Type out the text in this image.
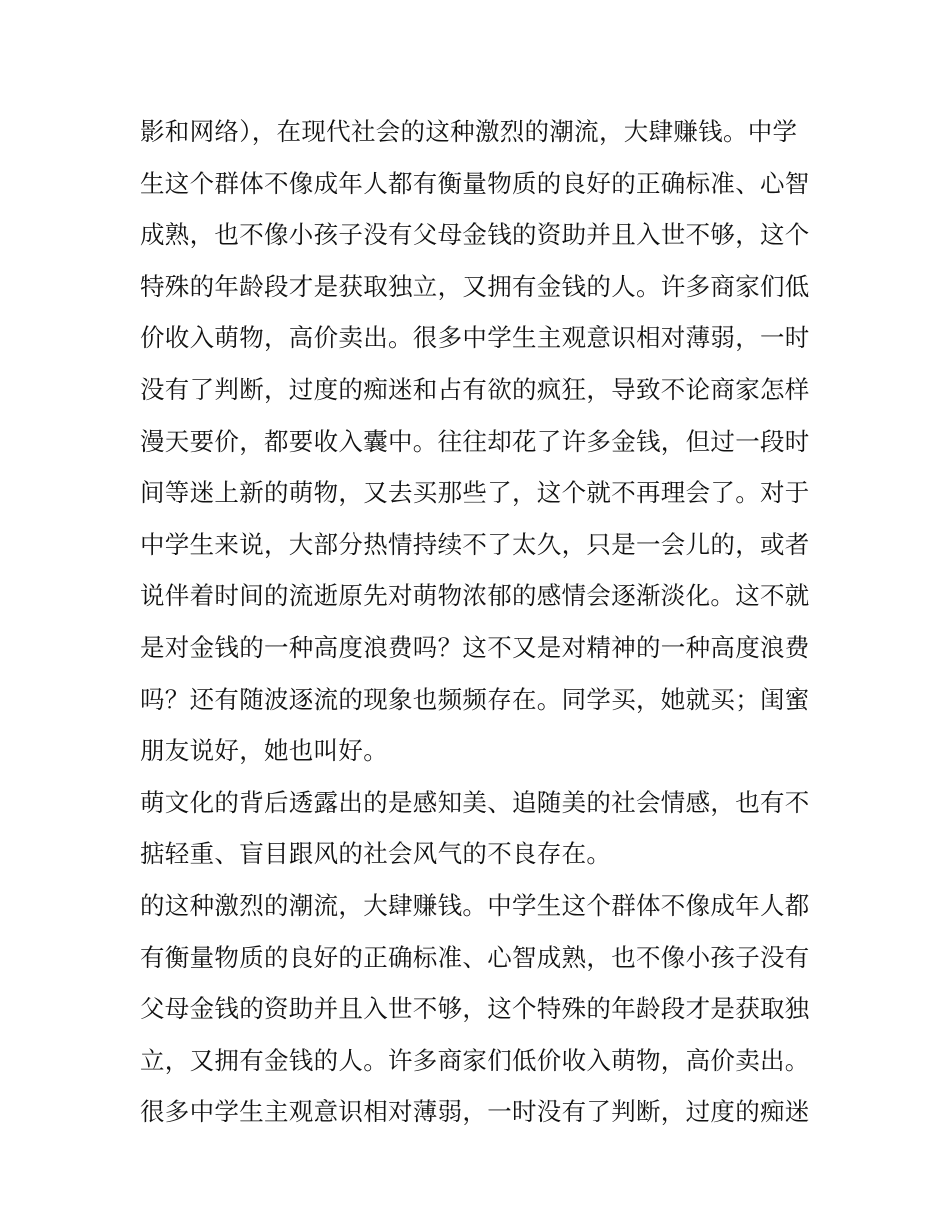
影和网络），在现代社会的这种激烈的潮流，大肆赚钱。中学
生这个群体不像成年人都有衡量物质的良好的正确标准、心智
成熟，也不像小孩子没有父母金钱的资助并且入世不够，这个
特殊的年龄段才是获取独立，又拥有金钱的人。许多商家们低
价收入萌物，高价卖出。很多中学生主观意识相对薄弱，一时
没有了判断，过度的痴迷和占有欲的疯狂，导致不论商家怎样
漫天要价，都要收入囊中。往往却花了许多金钱，但过一段时
间等迷上新的萌物，又去买那些了，这个就不再理会了。对于
中学生来说，大部分热情持续不了太久，只是一会儿的，或者
说伴着时间的流逝原先对萌物浓郁的感情会逐渐淡化。这不就
是对金钱的一种高度浪费吗？这不又是对精神的一种高度浪费
吗？还有随波逐流的现象也频频存在。同学买，她就买；闺蜜
朋友说好，她也叫好。
萌文化的背后透露出的是感知美、追随美的社会情感，也有不
掂轻重、盲目跟风的社会风气的不良存在。
的这种激烈的潮流，大肆赚钱。中学生这个群体不像成年人都
有衡量物质的良好的正确标准、心智成熟，也不像小孩子没有
父母金钱的资助并且入世不够，这个特殊的年龄段才是获取独
立，又拥有金钱的人。许多商家们低价收入萌物，高价卖出。
很多中学生主观意识相对薄弱，一时没有了判断，过度的痴迷
